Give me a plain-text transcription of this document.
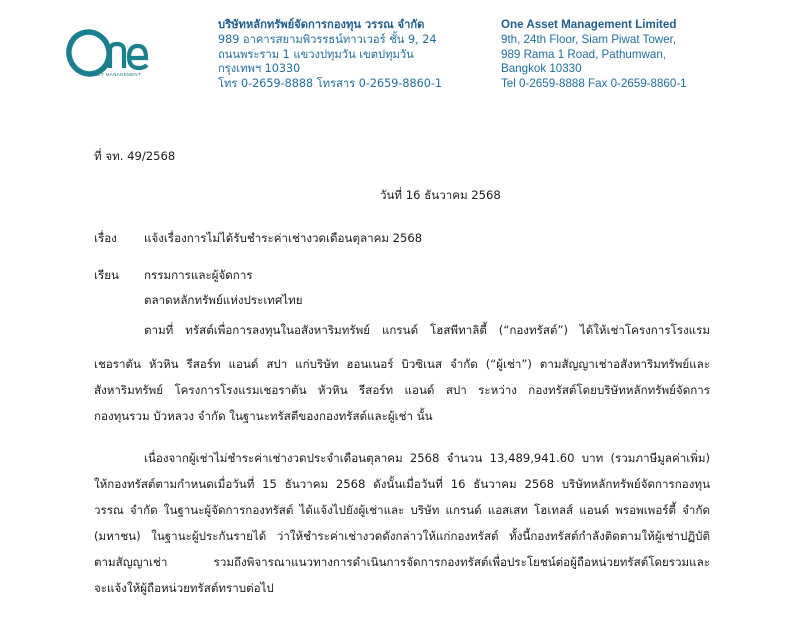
ASSET MANAGEMENT
บริษัทหลักทรัพย์จัดการกองทุน วรรณ จำกัด
989 อาคารสยามพิวรรธน์ทาวเวอร์ ชั้น 9, 24
ถนนพระราม 1 แขวงปทุมวัน เขตปทุมวัน
กรุงเทพฯ 10330
โทร 0-2659-8888 โทรสาร 0-2659-8860-1
One Asset Management Limited
9th, 24th Floor, Siam Piwat Tower,
989 Rama 1 Road, Pathumwan,
Bangkok 10330
Tel 0-2659-8888 Fax 0-2659-8860-1
ที่ จท. 49/2568
วันที่ 16 ธันวาคม 2568
เรื่อง แจ้งเรื่องการไม่ได้รับชำระค่าเช่างวดเดือนตุลาคม 2568
เรียน กรรมการและผู้จัดการ
ตลาดหลักทรัพย์แห่งประเทศไทย
ตามที่ ทรัสต์เพื่อการลงทุนในอสังหาริมทรัพย์ แกรนด์ โฮสพีทาลิตี้ (“กองทรัสต์”) ได้ให้เช่าโครงการโรงแรม
เชอราตัน หัวหิน รีสอร์ท แอนด์ สปา แก่บริษัท ฮอนเนอร์ บิวซิเนส จำกัด (“ผู้เช่า”) ตามสัญญาเช่าอสังหาริมทรัพย์และ
สังหาริมทรัพย์ โครงการโรงแรมเชอราตัน หัวหิน รีสอร์ท แอนด์ สปา ระหว่าง กองทรัสต์โดยบริษัทหลักทรัพย์จัดการ
กองทุนรวม บัวหลวง จำกัด ในฐานะทรัสตีของกองทรัสต์และผู้เช่า นั้น
เนื่องจากผู้เช่าไม่ชำระค่าเช่างวดประจำเดือนตุลาคม 2568 จำนวน 13,489,941.60 บาท (รวมภาษีมูลค่าเพิ่ม)
ให้กองทรัสต์ตามกำหนดเมื่อวันที่ 15 ธันวาคม 2568 ดังนั้นเมื่อวันที่ 16 ธันวาคม 2568 บริษัทหลักทรัพย์จัดการกองทุน
วรรณ จำกัด ในฐานะผู้จัดการกองทรัสต์ ได้แจ้งไปยังผู้เช่าและ บริษัท แกรนด์ แอสเสท โฮเทลส์ แอนด์ พรอพเพอร์ตี้ จำกัด
(มหาชน) ในฐานะผู้ประกันรายได้ ว่าให้ชำระค่าเช่างวดดังกล่าวให้แก่กองทรัสต์ ทั้งนี้กองทรัสต์กำลังติดตามให้ผู้เช่าปฏิบัติ
ตามสัญญาเช่า รวมถึงพิจารณาแนวทางการดำเนินการจัดการกองทรัสต์เพื่อประโยชน์ต่อผู้ถือหน่วยทรัสต์โดยรวมและ
จะแจ้งให้ผู้ถือหน่วยทรัสต์ทราบต่อไป
